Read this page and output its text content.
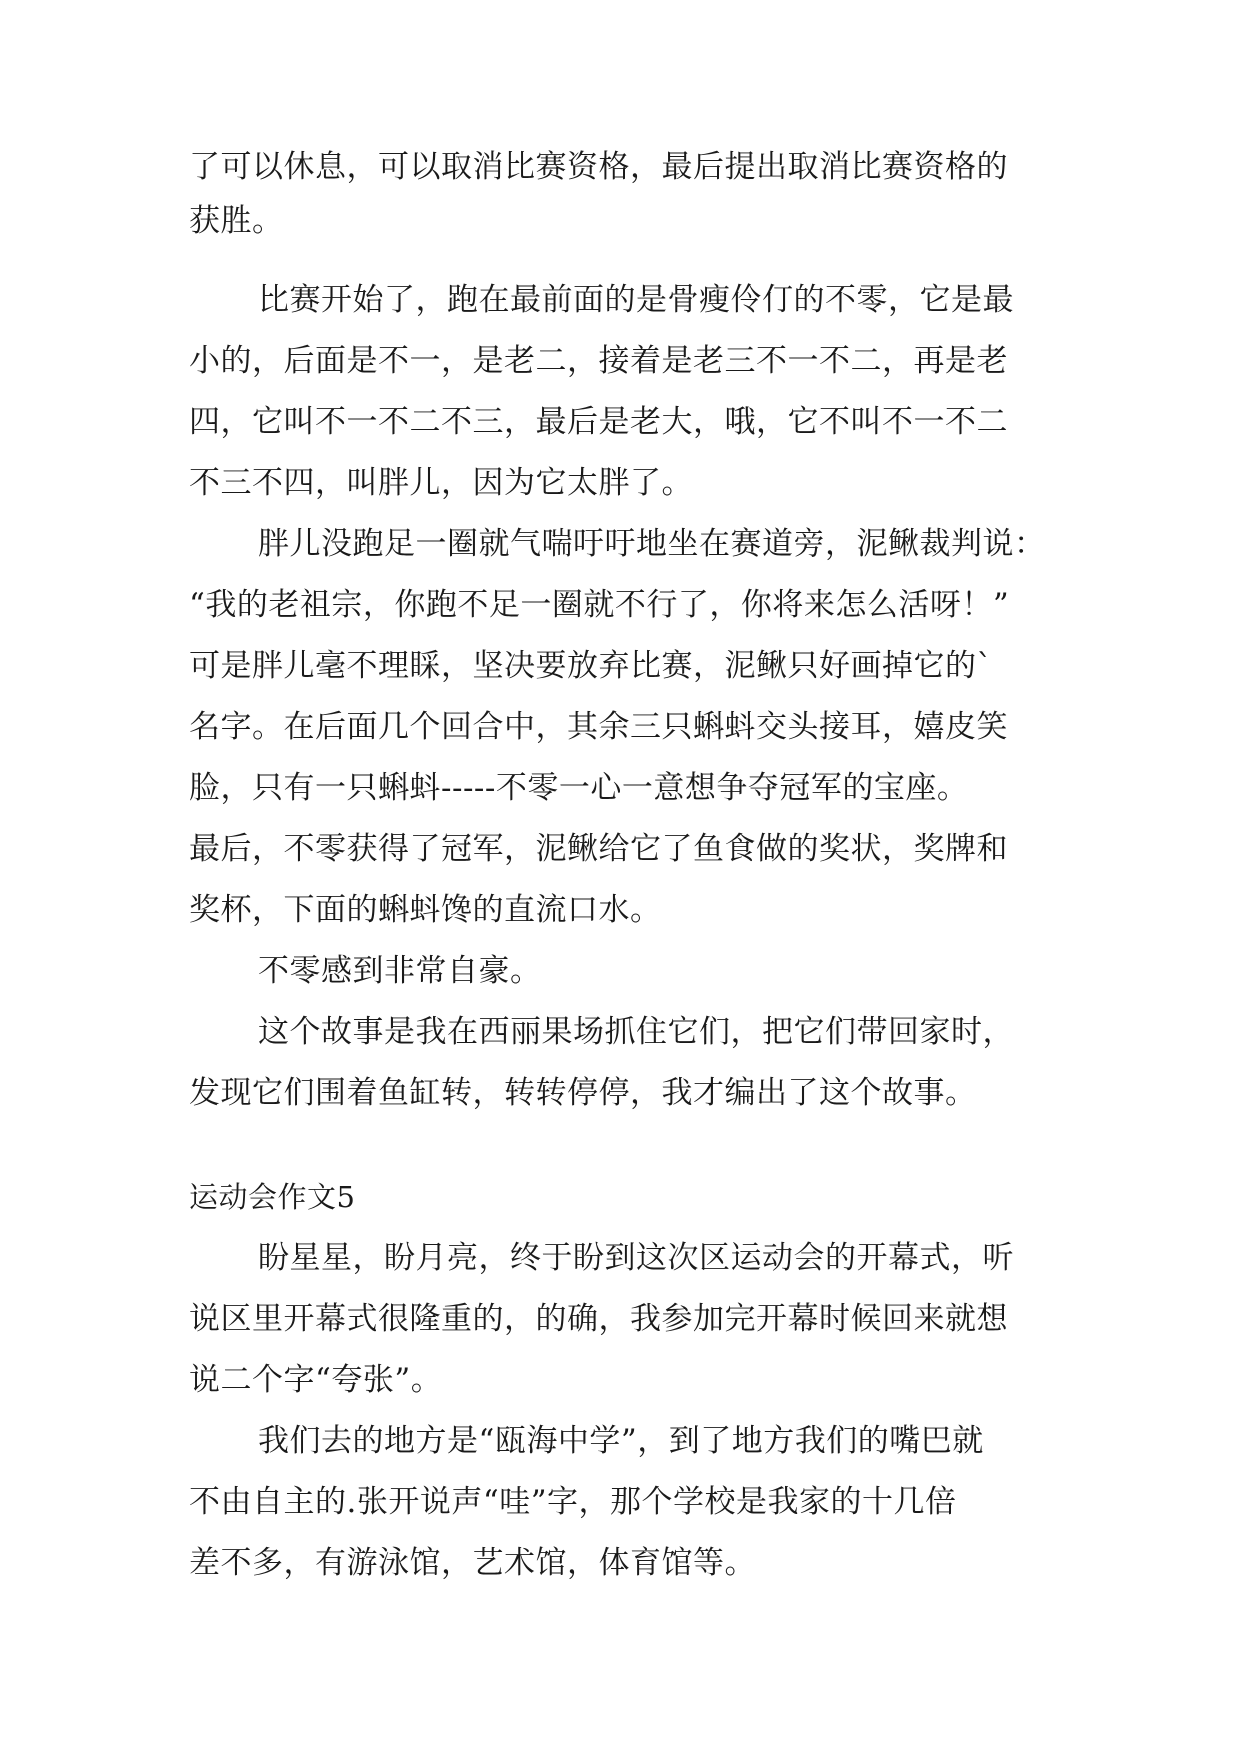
了可以休息，可以取消比赛资格，最后提出取消比赛资格的
获胜。
比赛开始了，跑在最前面的是骨瘦伶仃的不零，它是最
小的，后面是不一，是老二，接着是老三不一不二，再是老
四，它叫不一不二不三，最后是老大，哦，它不叫不一不二
不三不四，叫胖儿，因为它太胖了。
胖儿没跑足一圈就气喘吁吁地坐在赛道旁，泥鳅裁判说：
“我的老祖宗，你跑不足一圈就不行了，你将来怎么活呀！”
可是胖儿毫不理睬，坚决要放弃比赛，泥鳅只好画掉它的`
名字。在后面几个回合中，其余三只蝌蚪交头接耳，嬉皮笑
脸，只有一只蝌蚪-----不零一心一意想争夺冠军的宝座。
最后，不零获得了冠军，泥鳅给它了鱼食做的奖状，奖牌和
奖杯，下面的蝌蚪馋的直流口水。
不零感到非常自豪。
这个故事是我在西丽果场抓住它们，把它们带回家时，
发现它们围着鱼缸转，转转停停，我才编出了这个故事。
运动会作文5
盼星星，盼月亮，终于盼到这次区运动会的开幕式，听
说区里开幕式很隆重的，的确，我参加完开幕时候回来就想
说二个字“夸张”。
我们去的地方是“瓯海中学”，到了地方我们的嘴巴就
不由自主的.张开说声“哇”字，那个学校是我家的十几倍
差不多，有游泳馆，艺术馆，体育馆等。
